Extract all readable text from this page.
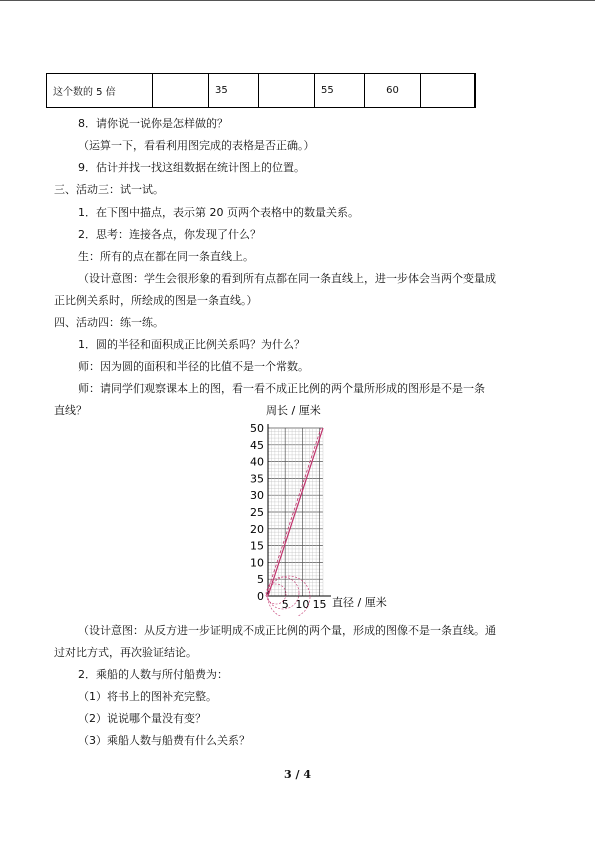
这个数的 5 倍		35		55	60	
8．请你说一说你是怎样做的？
（运算一下，看看利用图完成的表格是否正确。）
9．估计并找一找这组数据在统计图上的位置。
三、活动三：试一试。
1．在下图中描点，表示第 20 页两个表格中的数量关系。
2．思考：连接各点，你发现了什么？
生：所有的点在都在同一条直线上。
（设计意图：学生会很形象的看到所有点都在同一条直线上，进一步体会当两个变量成
正比例关系时，所绘成的图是一条直线。）
四、活动四：练一练。
1．圆的半径和面积成正比例关系吗？为什么？
师：因为圆的面积和半径的比值不是一个常数。
师：请同学们观察课本上的图，看一看不成正比例的两个量所形成的图形是不是一条
直线？
50
45
40
35
30
25
20
15
10
5
0
5 10 15
周长 / 厘米
直径 / 厘米
（设计意图：从反方进一步证明成不成正比例的两个量，形成的图像不是一条直线。通
过对比方式，再次验证结论。
2．乘船的人数与所付船费为：
（1）将书上的图补充完整。
（2）说说哪个量没有变？
（3）乘船人数与船费有什么关系？
3 / 4
